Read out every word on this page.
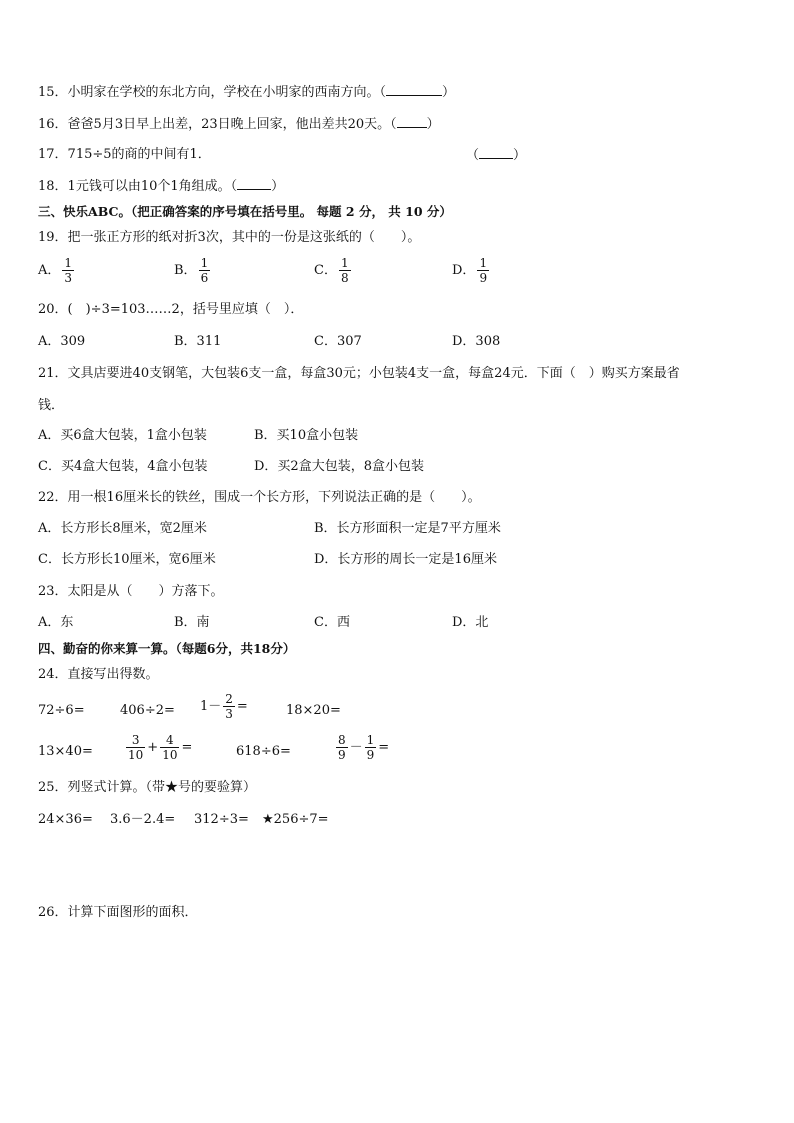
15．小明家在学校的东北方向，学校在小明家的西南方向。（	）
16．爸爸5月3日早上出差，23日晚上回家，他出差共20天。（ ）
17．715÷5的商的中间有1．	（	）
18．1元钱可以由10个1角组成。（	）
三、快乐ABC。（把正确答案的序号填在括号里。 每题 2 分， 共 10 分）
19．把一张正方形的纸对折3次，其中的一份是这张纸的（　　）。
A． $\frac{1}{3}$	B． $\frac{1}{6}$	C． $\frac{1}{8}$	D． $\frac{1}{9}$
20．(　)÷3=103……2，括号里应填（　）．
A．309	B．311	C．307	D．308
21．文具店要进40支钢笔，大包装6支一盒，每盒30元；小包装4支一盒，每盒24元．下面（　）购买方案最省
钱．
A．买6盒大包装，1盒小包装	B．买10盒小包装
C．买4盒大包装，4盒小包装	D．买2盒大包装，8盒小包装
22．用一根16厘米长的铁丝，围成一个长方形，下列说法正确的是（　　）。
A．长方形长8厘米，宽2厘米	B．长方形面积一定是7平方厘米
C．长方形长10厘米，宽6厘米	D．长方形的周长一定是16厘米
23．太阳是从（　　）方落下。
A．东	B．南	C．西	D．北
四、勤奋的你来算一算。（每题6分，共18分）
24．直接写出得数。
72÷6=	$406\div 2= 1- \frac{2}{3}$ =	18×20=
13×40=	$\frac{3}{10} + \frac{4}{10}$ =	618÷6=	$\frac{8}{9} - \frac{1}{9}$ =
25．列竖式计算。（带★号的要验算）
24×36= 3.6－2.4= 312÷3= ★256÷7=
26．计算下面图形的面积．
